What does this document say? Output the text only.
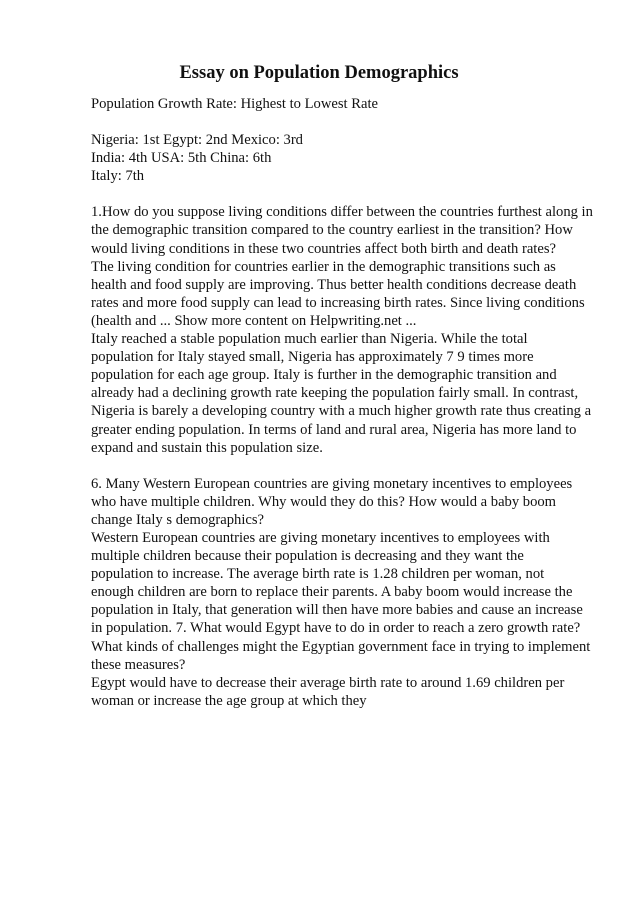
Essay on Population Demographics

Population Growth Rate: Highest to Lowest Rate

Nigeria: 1st Egypt: 2nd Mexico: 3rd
India: 4th USA: 5th China: 6th
Italy: 7th

1.How do you suppose living conditions differ between the countries furthest along in
the demographic transition compared to the country earliest in the transition? How
would living conditions in these two countries affect both birth and death rates?
The living condition for countries earlier in the demographic transitions such as
health and food supply are improving. Thus better health conditions decrease death
rates and more food supply can lead to increasing birth rates. Since living conditions
(health and ... Show more content on Helpwriting.net ...
Italy reached a stable population much earlier than Nigeria. While the total
population for Italy stayed small, Nigeria has approximately 7 9 times more
population for each age group. Italy is further in the demographic transition and
already had a declining growth rate keeping the population fairly small. In contrast,
Nigeria is barely a developing country with a much higher growth rate thus creating a
greater ending population. In terms of land and rural area, Nigeria has more land to
expand and sustain this population size.

6. Many Western European countries are giving monetary incentives to employees
who have multiple children. Why would they do this? How would a baby boom
change Italy s demographics?
Western European countries are giving monetary incentives to employees with
multiple children because their population is decreasing and they want the
population to increase. The average birth rate is 1.28 children per woman, not
enough children are born to replace their parents. A baby boom would increase the
population in Italy, that generation will then have more babies and cause an increase
in population. 7. What would Egypt have to do in order to reach a zero growth rate?
What kinds of challenges might the Egyptian government face in trying to implement
these measures?
Egypt would have to decrease their average birth rate to around 1.69 children per
woman or increase the age group at which they
